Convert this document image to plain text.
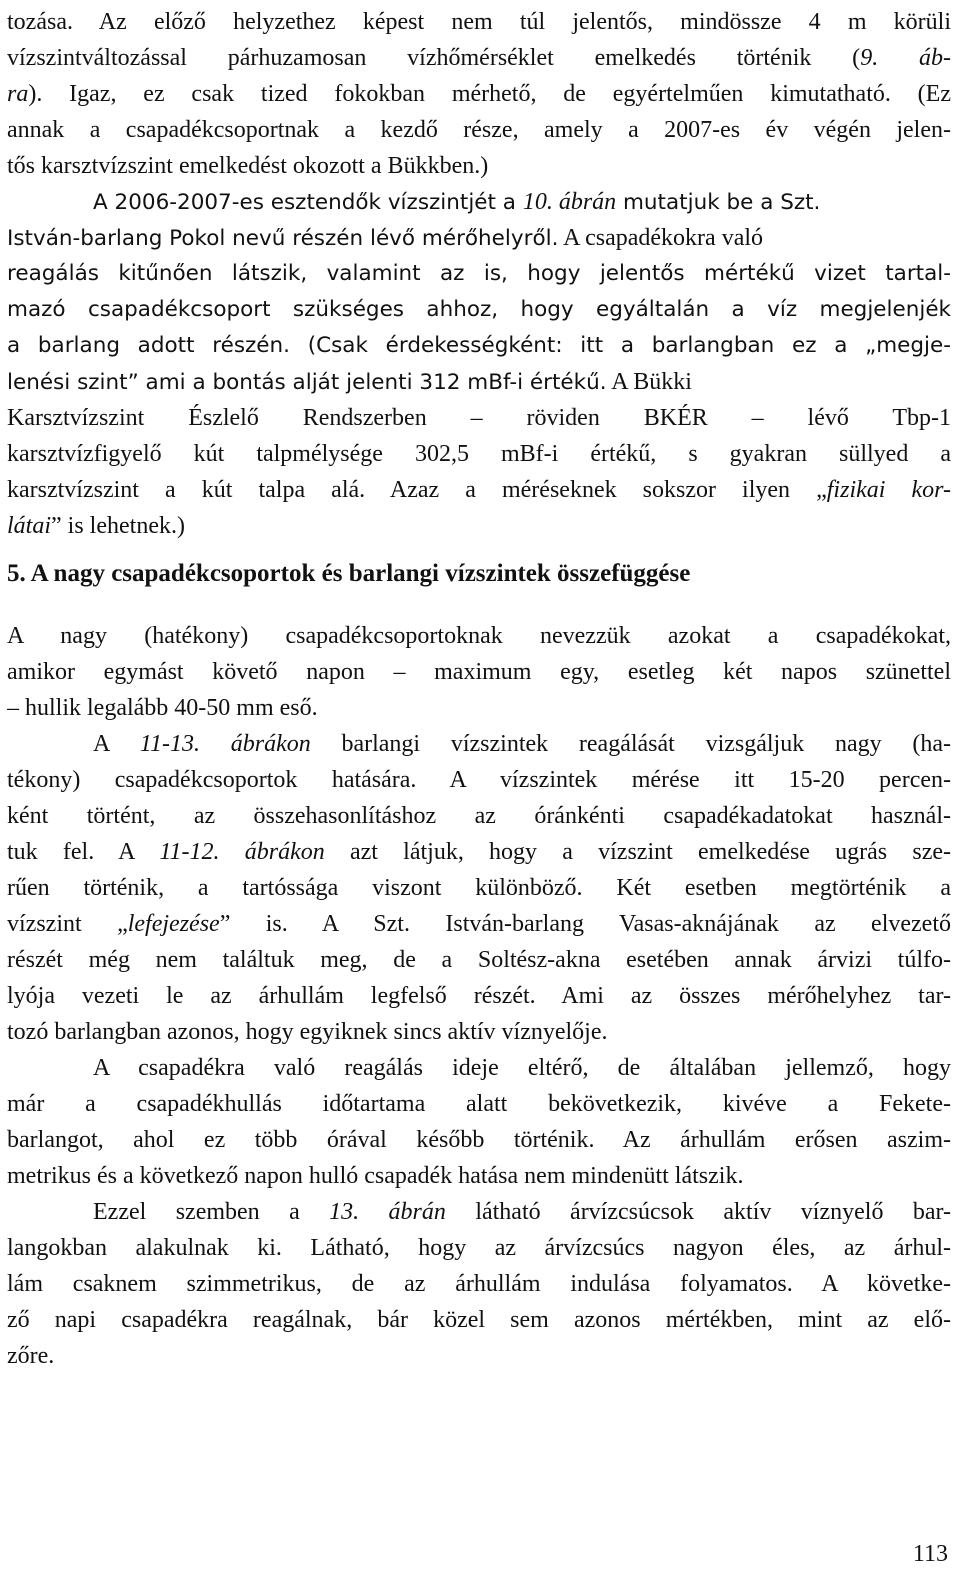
tozása. Az előző helyzethez képest nem túl jelentős, mindössze 4 m körüli
vízszintváltozással párhuzamosan vízhőmérséklet emelkedés történik (9. áb-
ra). Igaz, ez csak tized fokokban mérhető, de egyértelműen kimutatható. (Ez
annak a csapadékcsoportnak a kezdő része, amely a 2007-es év végén jelen-
tős karsztvízszint emelkedést okozott a Bükkben.)
A 2006-2007-es esztendők vízszintjét a 10. ábrán mutatjuk be a Szt.
István-barlang Pokol nevű részén lévő mérőhelyről. A csapadékokra való
reagálás kitűnően látszik, valamint az is, hogy jelentős mértékű vizet tartal-
mazó csapadékcsoport szükséges ahhoz, hogy egyáltalán a víz megjelenjék
a barlang adott részén. (Csak érdekességként: itt a barlangban ez a „megje-
lenési szint” ami a bontás alját jelenti 312 mBf-i értékű. A Bükki
Karsztvízszint Észlelő Rendszerben – röviden BKÉR – lévő Tbp-1
karsztvízfigyelő kút talpmélysége 302,5 mBf-i értékű, s gyakran süllyed a
karsztvízszint a kút talpa alá. Azaz a méréseknek sokszor ilyen „fizikai kor-
látai” is lehetnek.)
5. A nagy csapadékcsoportok és barlangi vízszintek összefüggése
A nagy (hatékony) csapadékcsoportoknak nevezzük azokat a csapadékokat,
amikor egymást követő napon – maximum egy, esetleg két napos szünettel
– hullik legalább 40-50 mm eső.
A 11-13. ábrákon barlangi vízszintek reagálását vizsgáljuk nagy (ha-
tékony) csapadékcsoportok hatására. A vízszintek mérése itt 15-20 percen-
ként történt, az összehasonlításhoz az óránkénti csapadékadatokat használ-
tuk fel. A 11-12. ábrákon azt látjuk, hogy a vízszint emelkedése ugrás sze-
rűen történik, a tartóssága viszont különböző. Két esetben megtörténik a
vízszint „lefejezése” is. A Szt. István-barlang Vasas-aknájának az elvezető
részét még nem találtuk meg, de a Soltész-akna esetében annak árvizi túlfo-
lyója vezeti le az árhullám legfelső részét. Ami az összes mérőhelyhez tar-
tozó barlangban azonos, hogy egyiknek sincs aktív víznyelője.
A csapadékra való reagálás ideje eltérő, de általában jellemző, hogy
már a csapadékhullás időtartama alatt bekövetkezik, kivéve a Fekete-
barlangot, ahol ez több órával később történik. Az árhullám erősen aszim-
metrikus és a következő napon hulló csapadék hatása nem mindenütt látszik.
Ezzel szemben a 13. ábrán látható árvízcsúcsok aktív víznyelő bar-
langokban alakulnak ki. Látható, hogy az árvízcsúcs nagyon éles, az árhul-
lám csaknem szimmetrikus, de az árhullám indulása folyamatos. A követke-
ző napi csapadékra reagálnak, bár közel sem azonos mértékben, mint az elő-
zőre.
113
